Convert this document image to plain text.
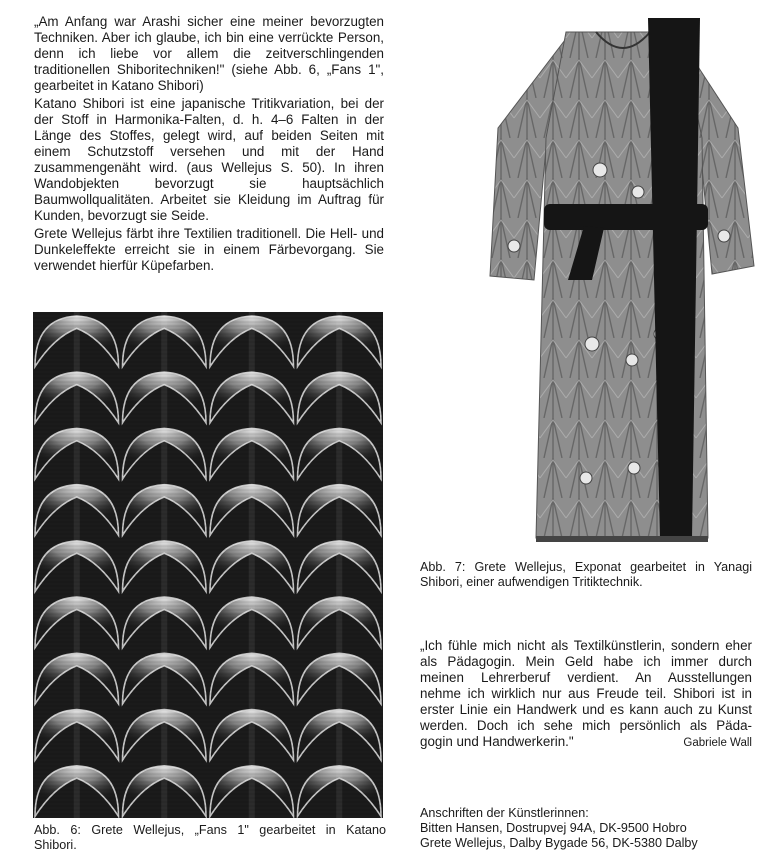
„Am Anfang war Arashi sicher eine meiner bevorzugten Techniken. Aber ich glaube, ich bin eine verrückte Person, denn ich liebe vor allem die zeitverschlingenden traditionellen Shiboritechniken!" (siehe Abb. 6, „Fans 1", gearbeitet in Katano Shibori)

Katano Shibori ist eine japanische Tritikvariation, bei der der Stoff in Harmonika-Falten, d. h. 4–6 Falten in der Länge des Stoffes, gelegt wird, auf beiden Seiten mit einem Schutzstoff versehen und mit der Hand zusammengenäht wird. (aus Wellejus S. 50). In ihren Wandobjekten bevorzugt sie hauptsächlich Baumwollqualitäten. Arbeitet sie Kleidung im Auftrag für Kunden, bevorzugt sie Seide.

Grete Wellejus färbt ihre Textilien traditionell. Die Hell- und Dunkeleffekte erreicht sie in einem Färbevorgang. Sie verwendet hierfür Küpefarben.

Abb. 6: Grete Wellejus, „Fans 1" gearbeitet in Katano
Shibori.
Abb. 7: Grete Wellejus, Exponat gearbeitet in Yanagi
Shibori, einer aufwendigen Tritiktechnik.
„Ich fühle mich nicht als Textilkünstlerin, sondern eher
als Pädagogin. Mein Geld habe ich immer durch
meinen Lehrerberuf verdient. An Ausstellungen
nehme ich wirklich nur aus Freude teil. Shibori ist in
erster Linie ein Handwerk und es kann auch zu Kunst
werden. Doch ich sehe mich persönlich als Päda-
gogin und Handwerkerin."	Gabriele Wall
Anschriften der Künstlerinnen:
Bitten Hansen, Dostrupvej 94A, DK-9500 Hobro
Grete Wellejus, Dalby Bygade 56, DK-5380 Dalby
